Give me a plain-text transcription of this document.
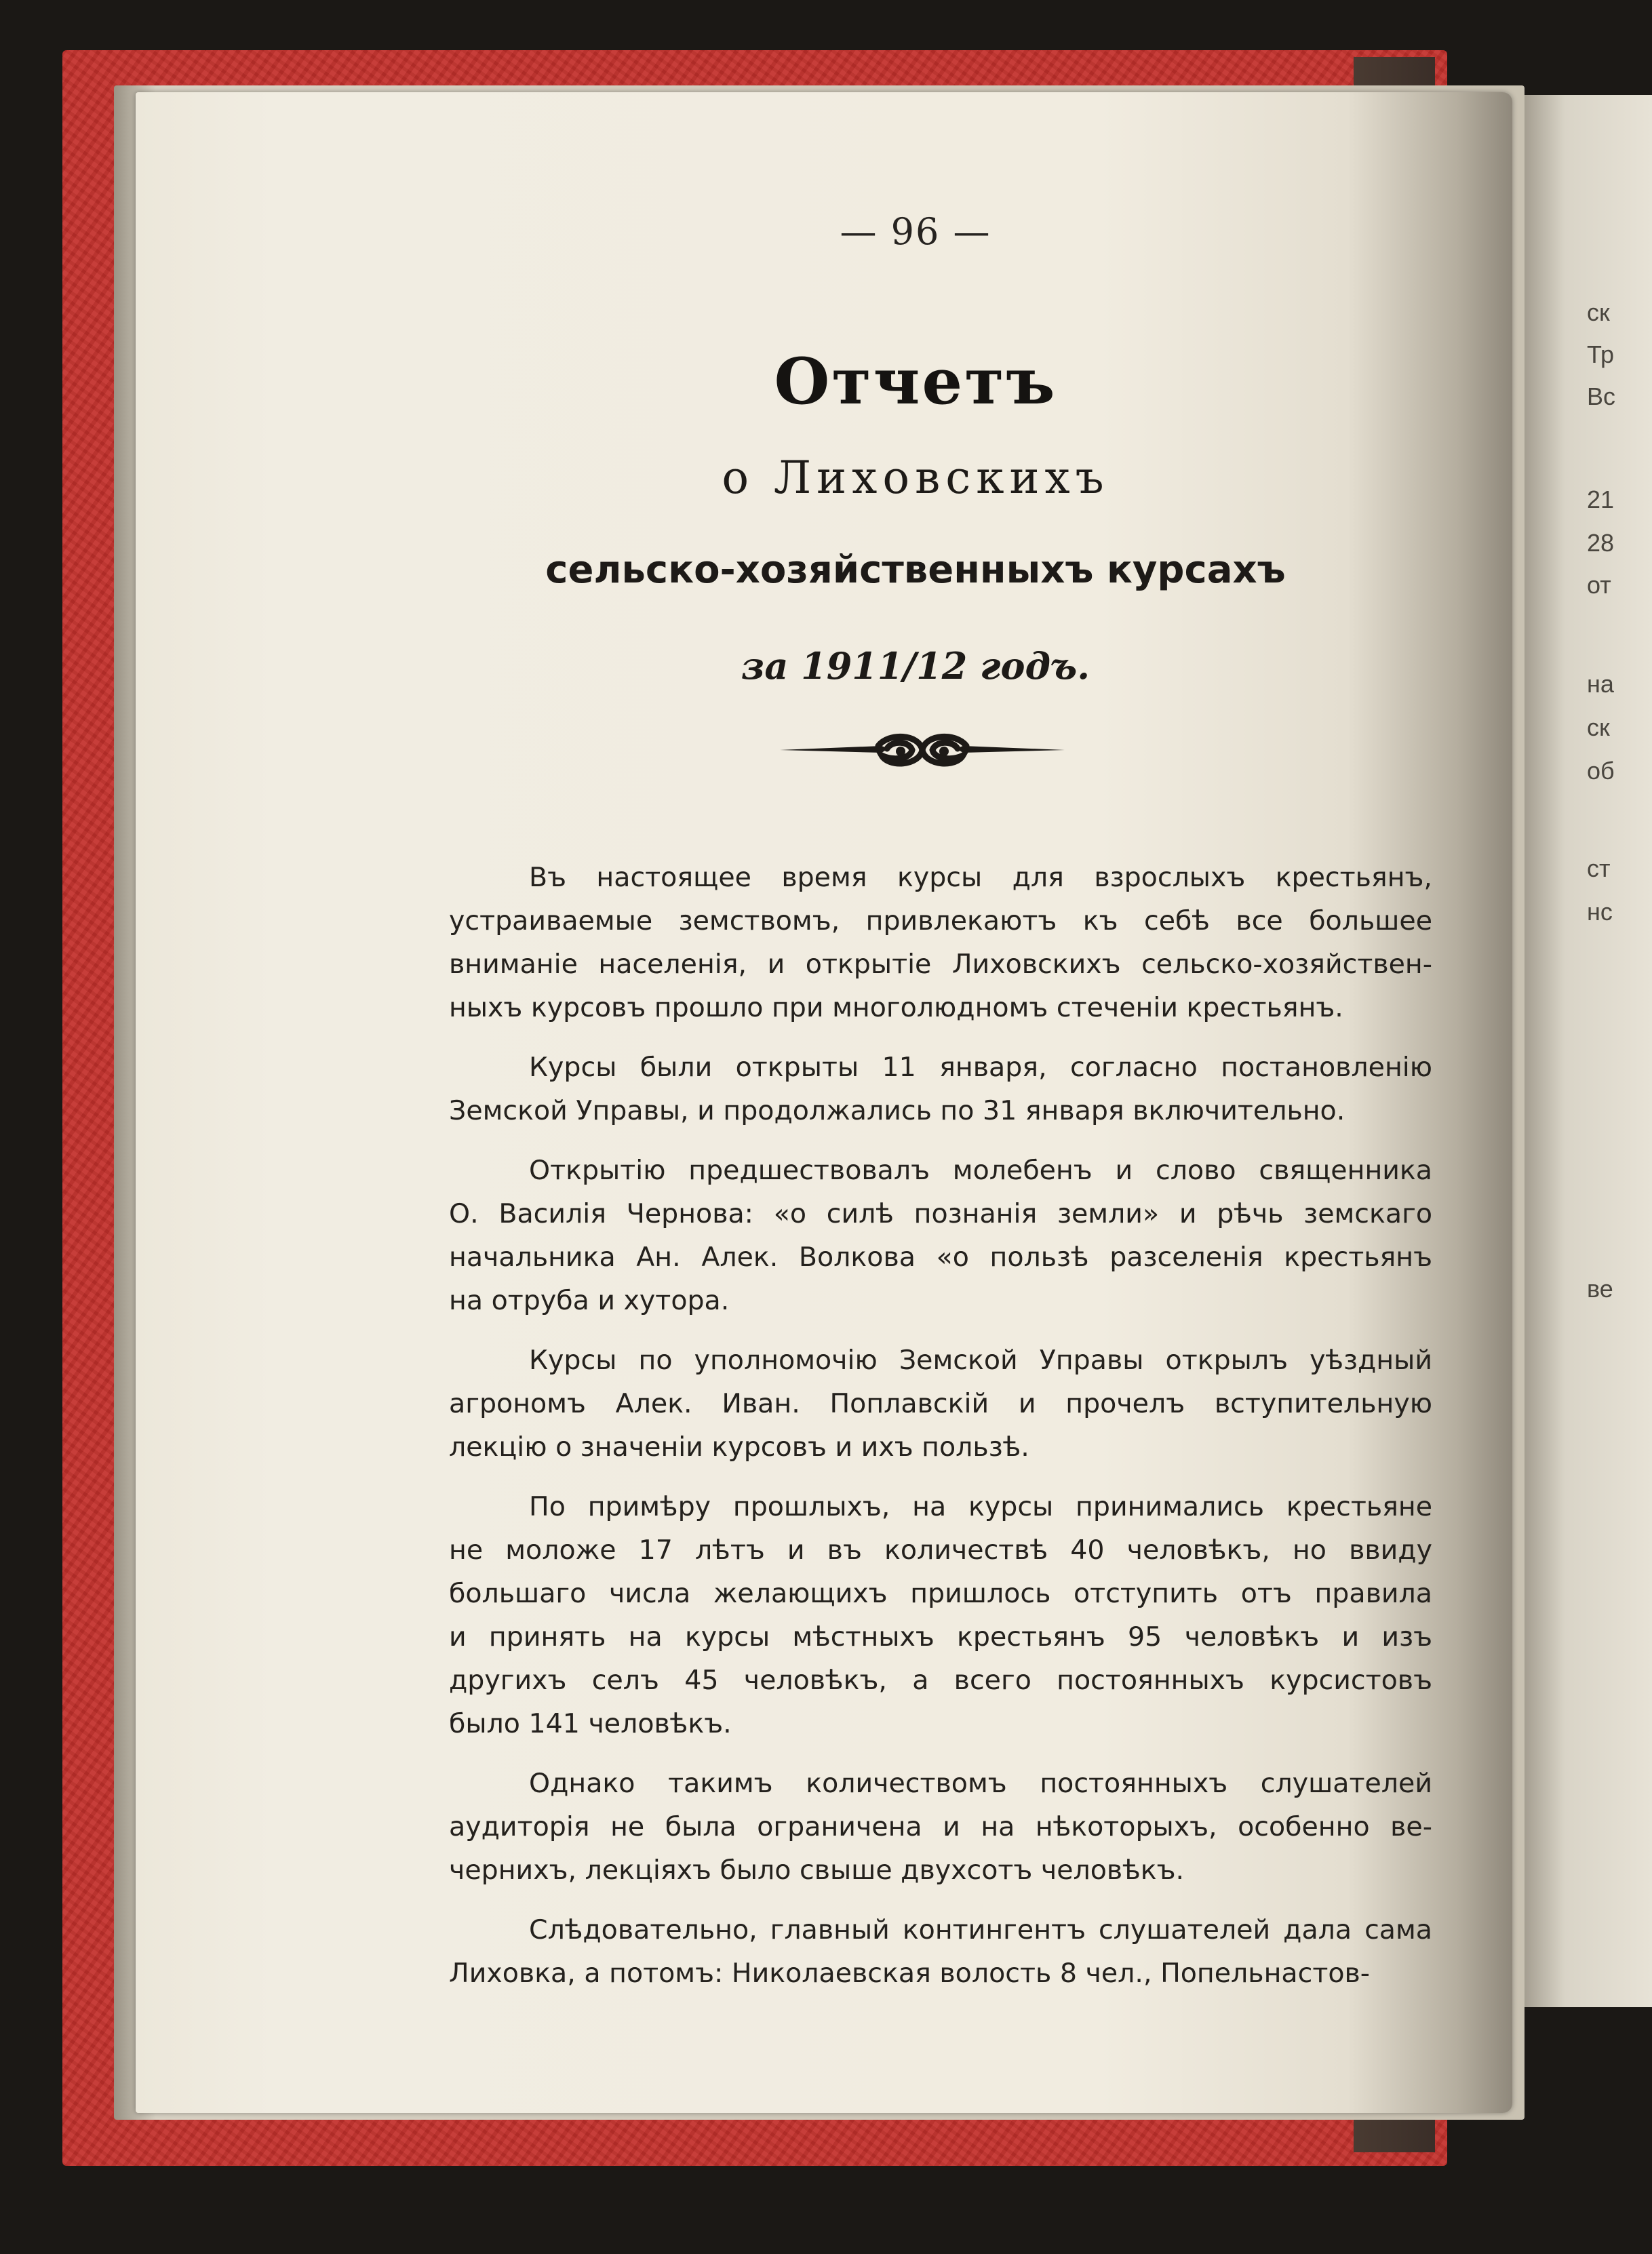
ск
Тр
Вс
21
28
от
на
ск
об
ст
нс
ве
— 96 —
Отчетъ
о Лиховскихъ
сельско-хозяйственныхъ курсахъ
за 1911/12 годъ.
Въ настоящее время курсы для взрослыхъ крестьянъ,
устраиваемые земствомъ, привлекаютъ къ себѣ все большее
вниманіе населенія, и открытіе Лиховскихъ сельско-хозяйствен-
ныхъ курсовъ прошло при многолюдномъ стеченіи крестьянъ.
Курсы были открыты 11 января, согласно постановленію
Земской Управы, и продолжались по 31 января включительно.
Открытію предшествовалъ молебенъ и слово священника
О. Василія Чернова: «о силѣ познанія земли» и рѣчь земскаго
начальника Ан. Алек. Волкова «о пользѣ разселенія крестьянъ
на отруба и хутора.
Курсы по уполномочію Земской Управы открылъ уѣздный
агрономъ Алек. Иван. Поплавскій и прочелъ вступительную
лекцію о значеніи курсовъ и ихъ пользѣ.
По примѣру прошлыхъ, на курсы принимались крестьяне
не моложе 17 лѣтъ и въ количествѣ 40 человѣкъ, но ввиду
большаго числа желающихъ пришлось отступить отъ правила
и принять на курсы мѣстныхъ крестьянъ 95 человѣкъ и изъ
другихъ селъ 45 человѣкъ, а всего постоянныхъ курсистовъ
было 141 человѣкъ.
Однако такимъ количествомъ постоянныхъ слушателей
аудиторія не была ограничена и на нѣкоторыхъ, особенно ве-
чернихъ, лекціяхъ было свыше двухсотъ человѣкъ.
Слѣдовательно, главный контингентъ слушателей дала сама
Лиховка, а потомъ: Николаевская волость 8 чел., Попельнастов-
